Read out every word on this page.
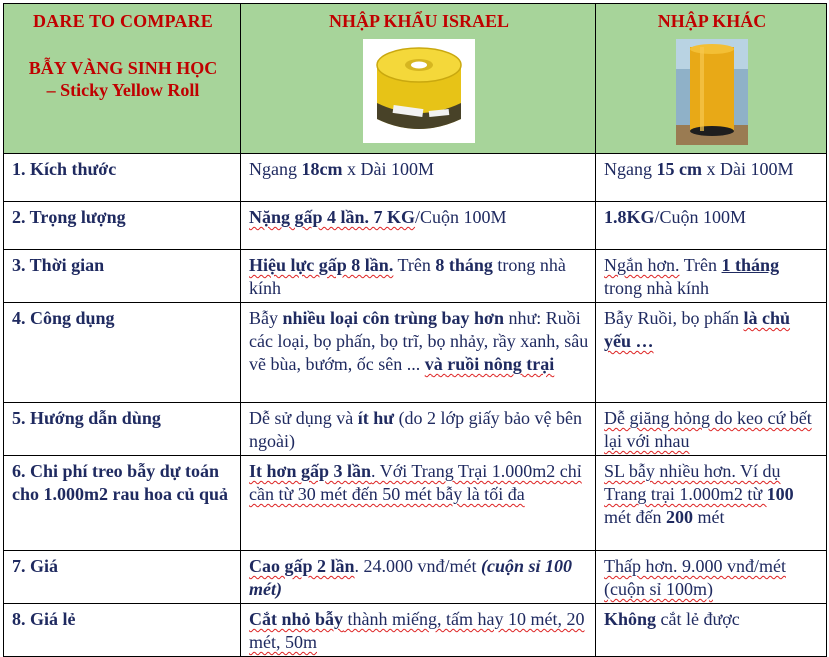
DARE TO COMPARE
BẪY VÀNG SINH HỌC
– Sticky Yellow Roll	NHẬP KHẨU ISRAEL	NHẬP KHÁC

1. Kích thước	Ngang 18cm x Dài 100M	Ngang 15 cm x Dài 100M
2. Trọng lượng	Nặng gấp 4 lần. 7 KG/Cuộn 100M	1.8KG/Cuộn 100M
3. Thời gian	Hiệu lực gấp 8 lần. Trên 8 tháng trong nhà kính	Ngắn hơn. Trên 1 tháng trong nhà kính
4. Công dụng	Bẫy nhiều loại côn trùng bay hơn như: Ruồi các loại, bọ phấn, bọ trĩ, bọ nhảy, rầy xanh, sâu vẽ bùa, bướm, ốc sên ... và ruồi nông trại	Bẫy Ruồi, bọ phấn là chủ yếu …
5. Hướng dẫn dùng	Dễ sử dụng và ít hư (do 2 lớp giấy bảo vệ bên ngoài)	Dễ giăng hỏng do keo cứ bết lại với nhau
6. Chi phí treo bẫy dự toán cho 1.000m2 rau hoa củ quả	It hơn gấp 3 lần. Với Trang Trại 1.000m2 chỉ cần từ 30 mét đến 50 mét bẫy là tối đa	SL bẫy nhiều hơn. Ví dụ Trang trại 1.000m2 từ 100 mét đến 200 mét
7. Giá	Cao gấp 2 lần. 24.000 vnđ/mét (cuộn sỉ 100 mét)	Thấp hơn. 9.000 vnđ/mét (cuộn sỉ 100m)
8. Giá lẻ	Cắt nhỏ bẫy thành miếng, tấm hay 10 mét, 20 mét, 50m	Không cắt lẻ được
